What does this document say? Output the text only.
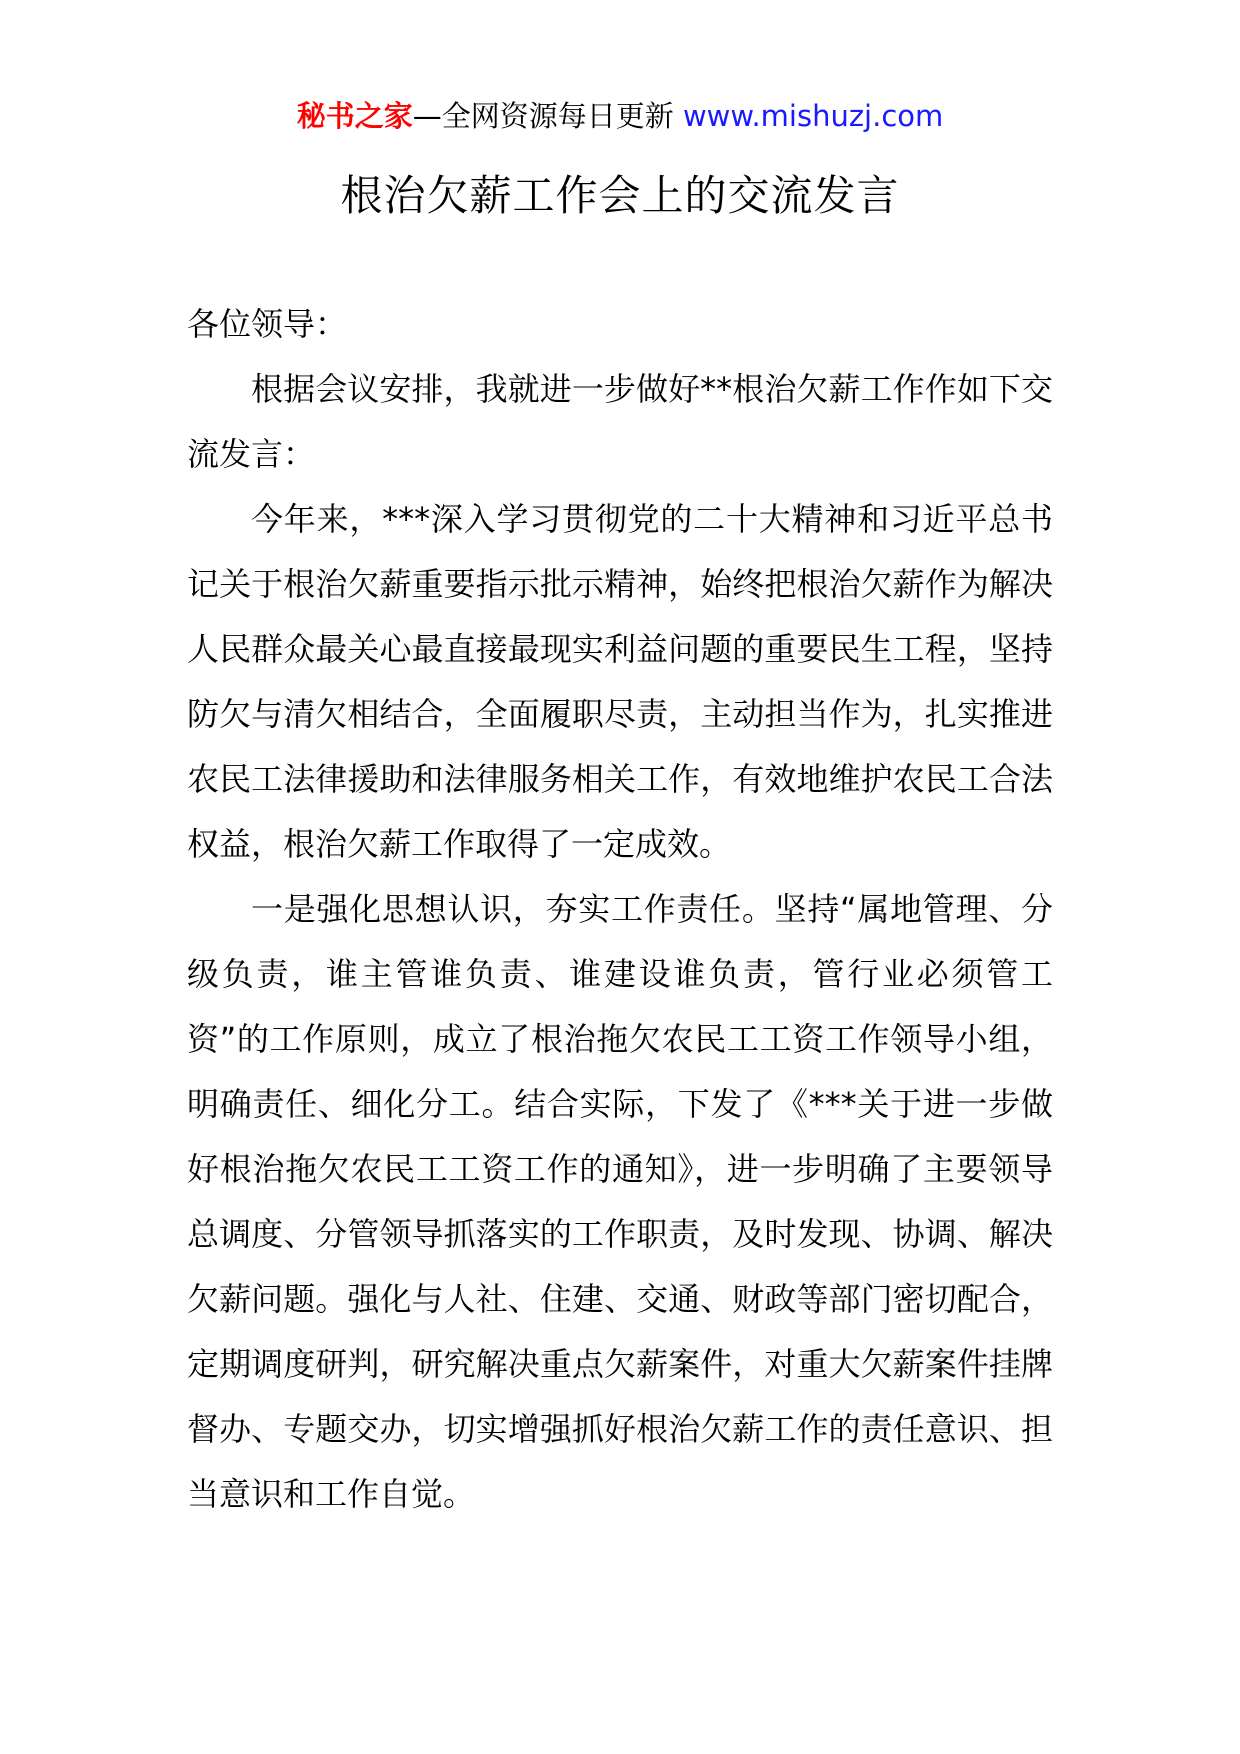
秘书之家—全网资源每日更新 www.mishuzj.com
根治欠薪工作会上的交流发言

各位领导：

根据会议安排，我就进一步做好**根治欠薪工作作如下交流发言：

今年来，***深入学习贯彻党的二十大精神和习近平总书记关于根治欠薪重要指示批示精神，始终把根治欠薪作为解决人民群众最关心最直接最现实利益问题的重要民生工程，坚持防欠与清欠相结合，全面履职尽责，主动担当作为，扎实推进农民工法律援助和法律服务相关工作，有效地维护农民工合法权益，根治欠薪工作取得了一定成效。

一是强化思想认识，夯实工作责任。坚持“属地管理、分级负责，谁主管谁负责、谁建设谁负责，管行业必须管工资”的工作原则，成立了根治拖欠农民工工资工作领导小组，明确责任、细化分工。结合实际，下发了《***关于进一步做好根治拖欠农民工工资工作的通知》，进一步明确了主要领导总调度、分管领导抓落实的工作职责，及时发现、协调、解决欠薪问题。强化与人社、住建、交通、财政等部门密切配合，定期调度研判，研究解决重点欠薪案件，对重大欠薪案件挂牌督办、专题交办，切实增强抓好根治欠薪工作的责任意识、担当意识和工作自觉。
